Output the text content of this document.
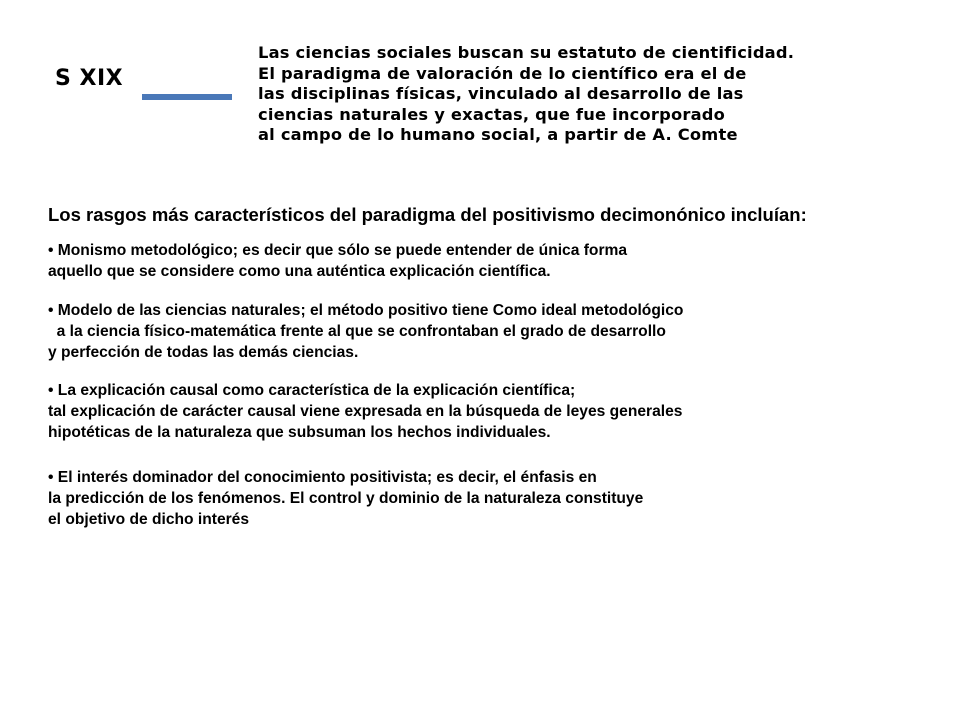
S XIX
Las ciencias sociales buscan su estatuto de cientificidad.
El paradigma de valoración de lo científico era el de
las disciplinas físicas, vinculado al desarrollo de las
ciencias naturales y exactas, que fue incorporado
al campo de lo humano social, a partir de A. Comte
Los rasgos más característicos del paradigma del positivismo decimonónico incluían:
• Monismo metodológico; es decir que sólo se puede entender de única forma
aquello que se considere como una auténtica explicación científica.
• Modelo de las ciencias naturales; el método positivo tiene Como ideal metodológico
a la ciencia físico-matemática frente al que se confrontaban el grado de desarrollo
y perfección de todas las demás ciencias.
• La explicación causal como característica de la explicación científica;
tal explicación de carácter causal viene expresada en la búsqueda de leyes generales
hipotéticas de la naturaleza que subsuman los hechos individuales.
• El interés dominador del conocimiento positivista; es decir, el énfasis en
la predicción de los fenómenos. El control y dominio de la naturaleza constituye
el objetivo de dicho interés
